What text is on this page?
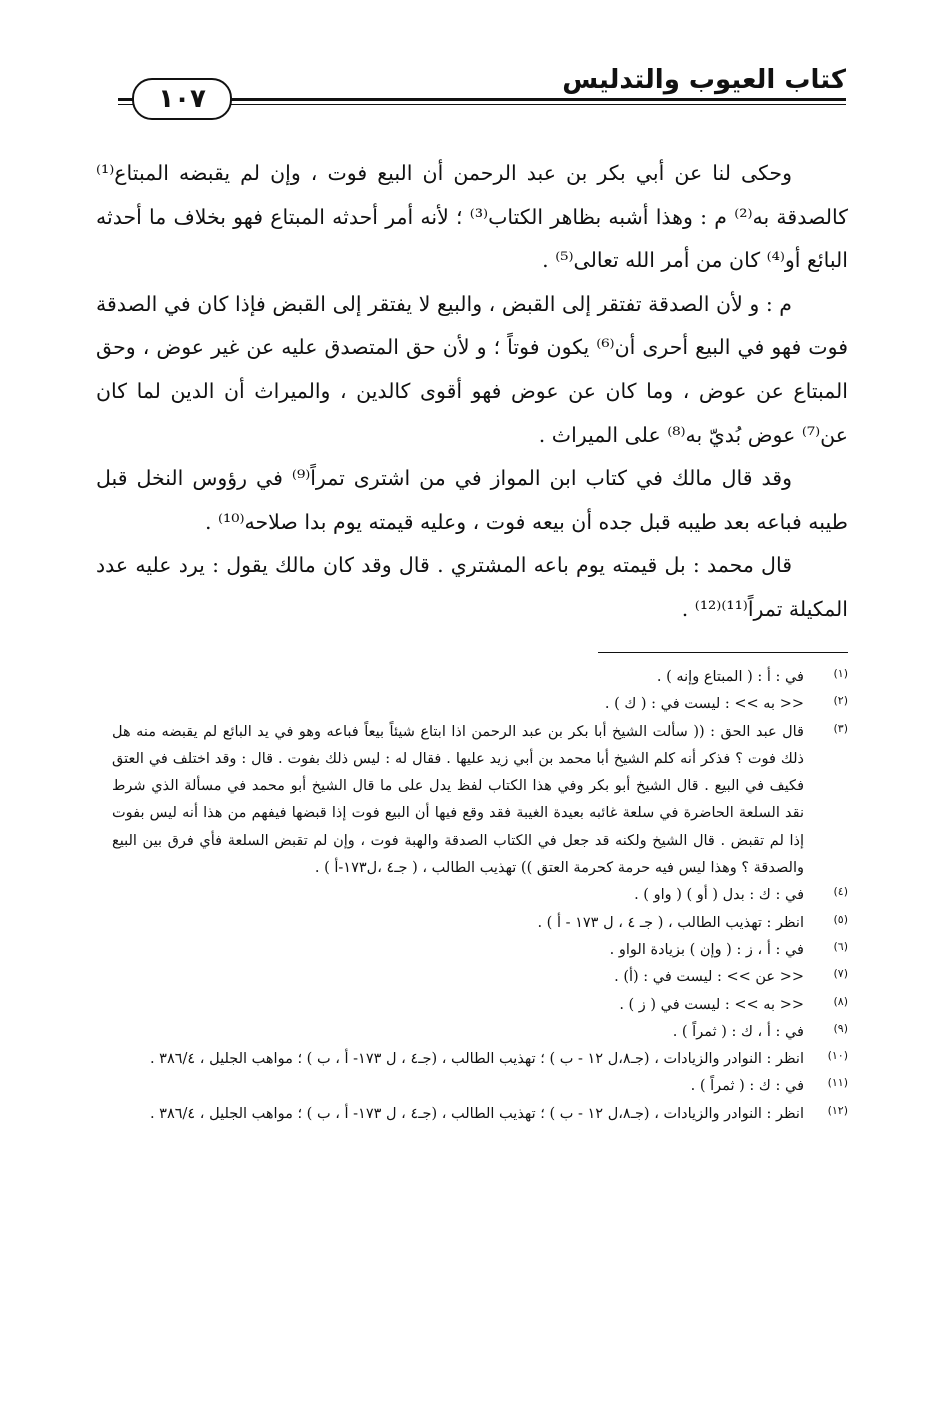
كتاب العيوب والتدليس
١٠٧

وحكى لنا عن أبي بكر بن عبد الرحمن أن البيع فوت ، وإن لم يقبضه المبتاع⁽¹⁾ كالصدقة به⁽²⁾ م : وهذا أشبه بظاهر الكتاب⁽³⁾ ؛ لأنه أمر أحدثه المبتاع فهو بخلاف ما أحدثه البائع أو⁽⁴⁾ كان من أمر الله تعالى⁽⁵⁾ .

م : و لأن الصدقة تفتقر إلى القبض ، والبيع لا يفتقر إلى القبض فإذا كان في الصدقة فوت فهو في البيع أحرى أن⁽⁶⁾ يكون فوتاً ؛ و لأن حق المتصدق عليه عن غير عوض ، وحق المبتاع عن عوض ، وما كان عن عوض فهو أقوى كالدين ، والميراث أن الدين لما كان عن⁽⁷⁾ عوض بُديّ به⁽⁸⁾ على الميراث .

وقد قال مالك في كتاب ابن المواز في من اشترى تمراً⁽⁹⁾ في رؤوس النخل قبل طيبه فباعه بعد طيبه قبل جده أن بيعه فوت ، وعليه قيمته يوم بدا صلاحه⁽¹⁰⁾ .

قال محمد : بل قيمته يوم باعه المشتري . قال وقد كان مالك يقول : يرد عليه عدد المكيلة تمراً⁽¹¹⁾⁽¹²⁾ .

(١)
في : أ : ( المبتاع وإنه ) .
(٢)
<< به >> : ليست في : ( ك ) .
(٣)
قال عبد الحق : (( سألت الشيخ أبا بكر بن عبد الرحمن اذا ابتاع شيئاً بيعاً فباعه وهو في يد البائع لم يقبضه منه هل ذلك فوت ؟ فذكر أنه كلم الشيخ أبا محمد بن أبي زيد عليها . فقال له : ليس ذلك بفوت . قال : وقد اختلف في العتق فكيف في البيع . قال الشيخ أبو بكر وفي هذا الكتاب لفظ يدل على ما قال الشيخ أبو محمد في مسألة الذي شرط نقد السلعة الحاضرة في سلعة غائبه بعيدة الغيبة فقد وقع فيها أن البيع فوت إذا قبضها فيفهم من هذا أنه ليس بفوت إذا لم تقبض . قال الشيخ ولكنه قد جعل في الكتاب الصدقة والهبة فوت ، وإن لم تقبض السلعة فأي فرق بين البيع والصدقة ؟ وهذا ليس فيه حرمة كحرمة العتق )) تهذيب الطالب ، ( جـ٤ ،ل١٧٣-أ ) .
(٤)
في : ك : بدل ( أو ) ( واو ) .
(٥)
انظر : تهذيب الطالب ، ( جـ ٤ ، ل ١٧٣ - أ ) .
(٦)
في : أ ، ز : ( وإن ) بزيادة الواو .
(٧)
<< عن >> : ليست في : (أ) .
(٨)
<< به >> : ليست في ( ز ) .
(٩)
في : أ ، ك : ( ثمراً ) .
(١٠)
انظر : النوادر والزيادات ، (جـ٨،ل ١٢ - ب ) ؛ تهذيب الطالب ، (جـ٤ ، ل ١٧٣- أ ، ب ) ؛ مواهب الجليل ، ٣٨٦/٤ .
(١١)
في : ك : ( ثمراً ) .
(١٢)
انظر : النوادر والزيادات ، (جـ٨،ل ١٢ - ب ) ؛ تهذيب الطالب ، (جـ٤ ، ل ١٧٣- أ ، ب ) ؛ مواهب الجليل ، ٣٨٦/٤ .
